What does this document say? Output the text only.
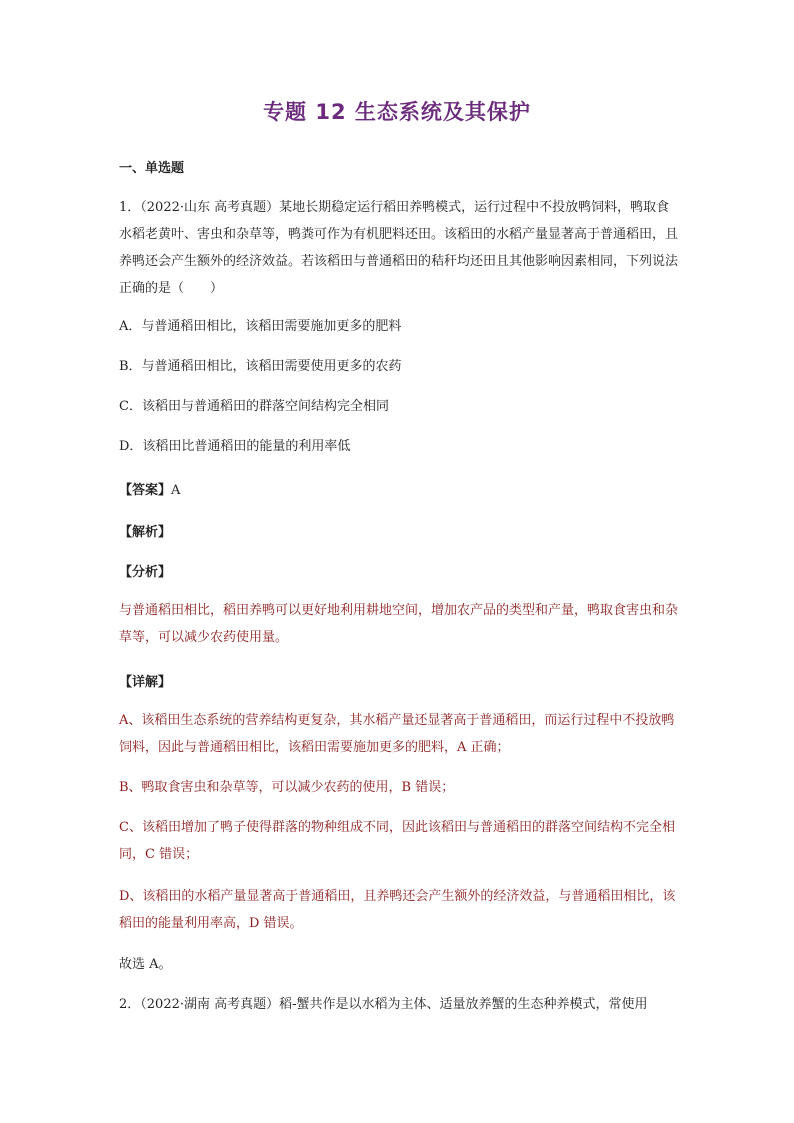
专题 12 生态系统及其保护
一、单选题
1．（2022·山东 高考真题）某地长期稳定运行稻田养鸭模式，运行过程中不投放鸭饲料，鸭取食水稻老黄叶、害虫和杂草等，鸭粪可作为有机肥料还田。该稻田的水稻产量显著高于普通稻田，且养鸭还会产生额外的经济效益。若该稻田与普通稻田的秸秆均还田且其他影响因素相同，下列说法正确的是（　　）
A．与普通稻田相比，该稻田需要施加更多的肥料
B．与普通稻田相比，该稻田需要使用更多的农药
C．该稻田与普通稻田的群落空间结构完全相同
D．该稻田比普通稻田的能量的利用率低
【答案】A
【解析】
【分析】
与普通稻田相比，稻田养鸭可以更好地利用耕地空间，增加农产品的类型和产量，鸭取食害虫和杂草等，可以减少农药使用量。
【详解】
A、该稻田生态系统的营养结构更复杂，其水稻产量还显著高于普通稻田，而运行过程中不投放鸭饲料，因此与普通稻田相比，该稻田需要施加更多的肥料，A 正确；
B、鸭取食害虫和杂草等，可以减少农药的使用，B 错误；
C、该稻田增加了鸭子使得群落的物种组成不同，因此该稻田与普通稻田的群落空间结构不完全相同，C 错误；
D、该稻田的水稻产量显著高于普通稻田，且养鸭还会产生额外的经济效益，与普通稻田相比，该稻田的能量利用率高，D 错误。
故选 A。
2．（2022·湖南 高考真题）稻-蟹共作是以水稻为主体、适量放养蟹的生态种养模式，常使用
